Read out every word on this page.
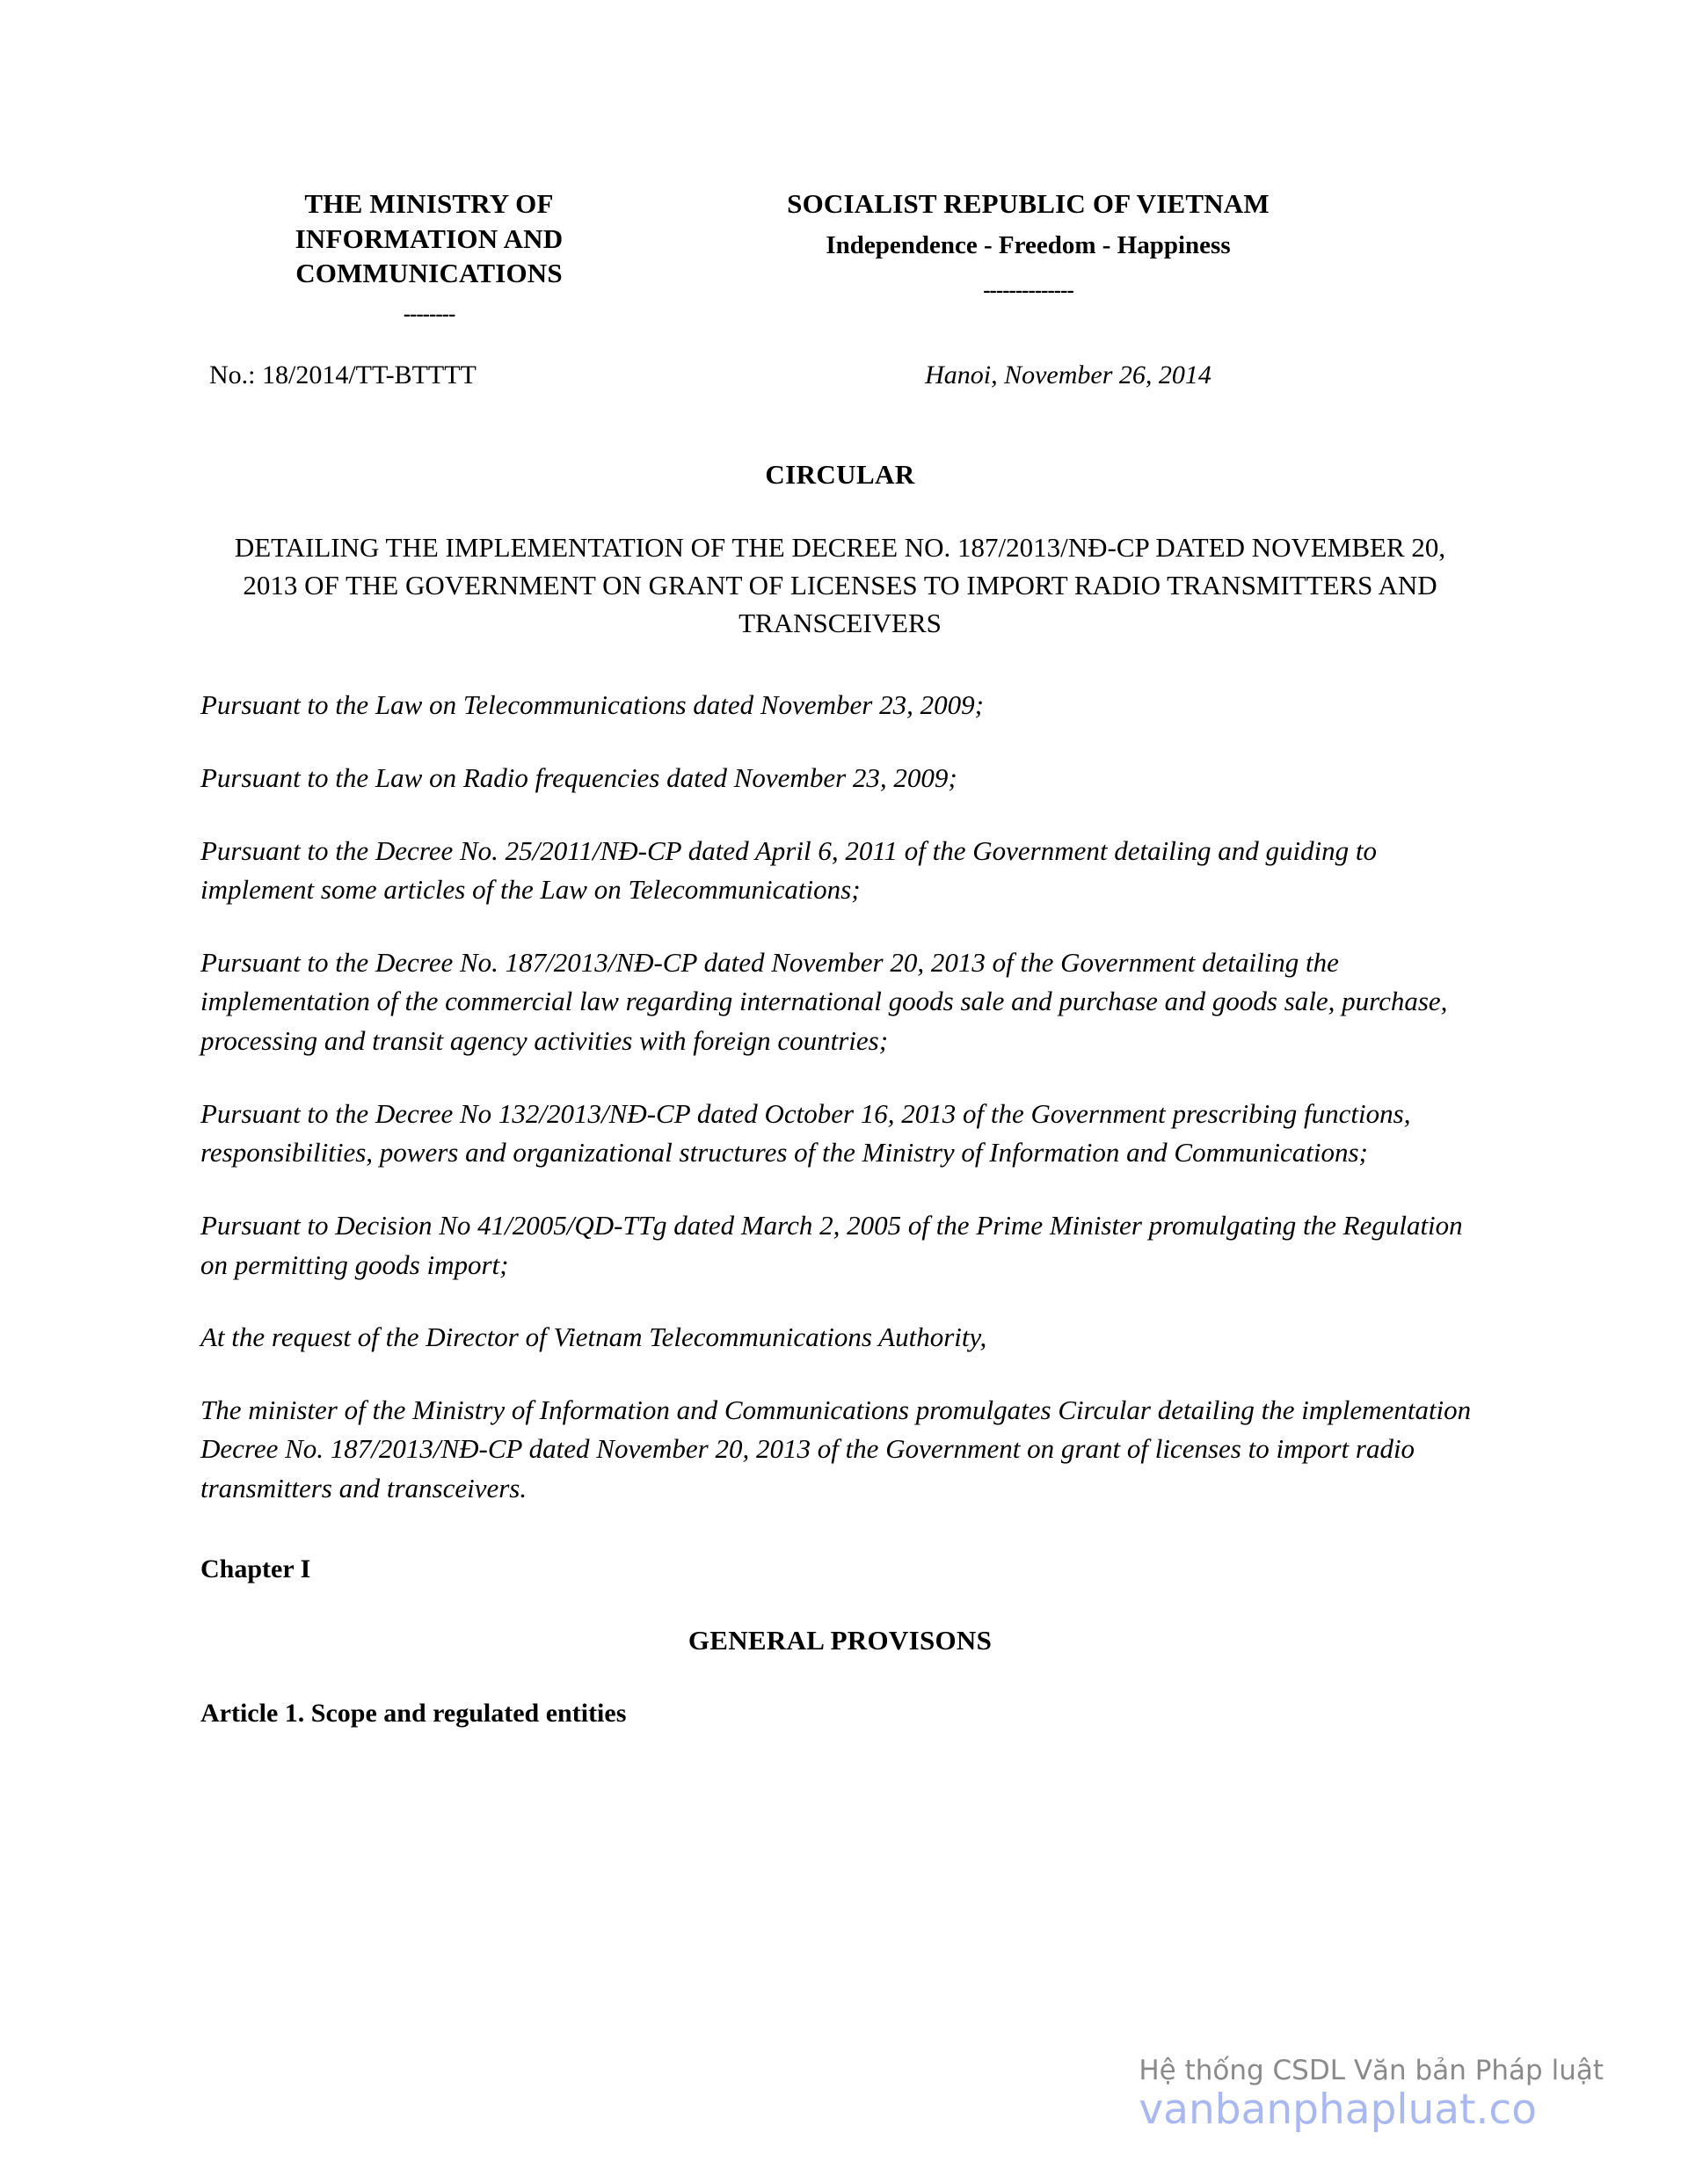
THE MINISTRY OF
INFORMATION AND
COMMUNICATIONS
--------
SOCIALIST REPUBLIC OF VIETNAM
Independence - Freedom - Happiness
--------------
No.: 18/2014/TT-BTTTT	Hanoi, November 26, 2014
CIRCULAR
DETAILING THE IMPLEMENTATION OF THE DECREE NO. 187/2013/NĐ-CP DATED NOVEMBER 20, 2013 OF THE GOVERNMENT ON GRANT OF LICENSES TO IMPORT RADIO TRANSMITTERS AND TRANSCEIVERS
Pursuant to the Law on Telecommunications dated November 23, 2009;
Pursuant to the Law on Radio frequencies dated November 23, 2009;
Pursuant to the Decree No. 25/2011/NĐ-CP dated April 6, 2011 of the Government detailing and guiding to implement some articles of the Law on Telecommunications;
Pursuant to the Decree No. 187/2013/NĐ-CP dated November 20, 2013 of the Government detailing the implementation of the commercial law regarding international goods sale and purchase and goods sale, purchase, processing and transit agency activities with foreign countries;
Pursuant to the Decree No 132/2013/NĐ-CP dated October 16, 2013 of the Government prescribing functions, responsibilities, powers and organizational structures of the Ministry of Information and Communications;
Pursuant to Decision No 41/2005/QD-TTg dated March 2, 2005 of the Prime Minister promulgating the Regulation on permitting goods import;
At the request of the Director of Vietnam Telecommunications Authority,
The minister of the Ministry of Information and Communications promulgates Circular detailing the implementation Decree No. 187/2013/NĐ-CP dated November 20, 2013 of the Government on grant of licenses to import radio transmitters and transceivers.
Chapter I
GENERAL PROVISONS
Article 1. Scope and regulated entities
Hệ thống CSDL Văn bản Pháp luật
vanbanphapluat.co
